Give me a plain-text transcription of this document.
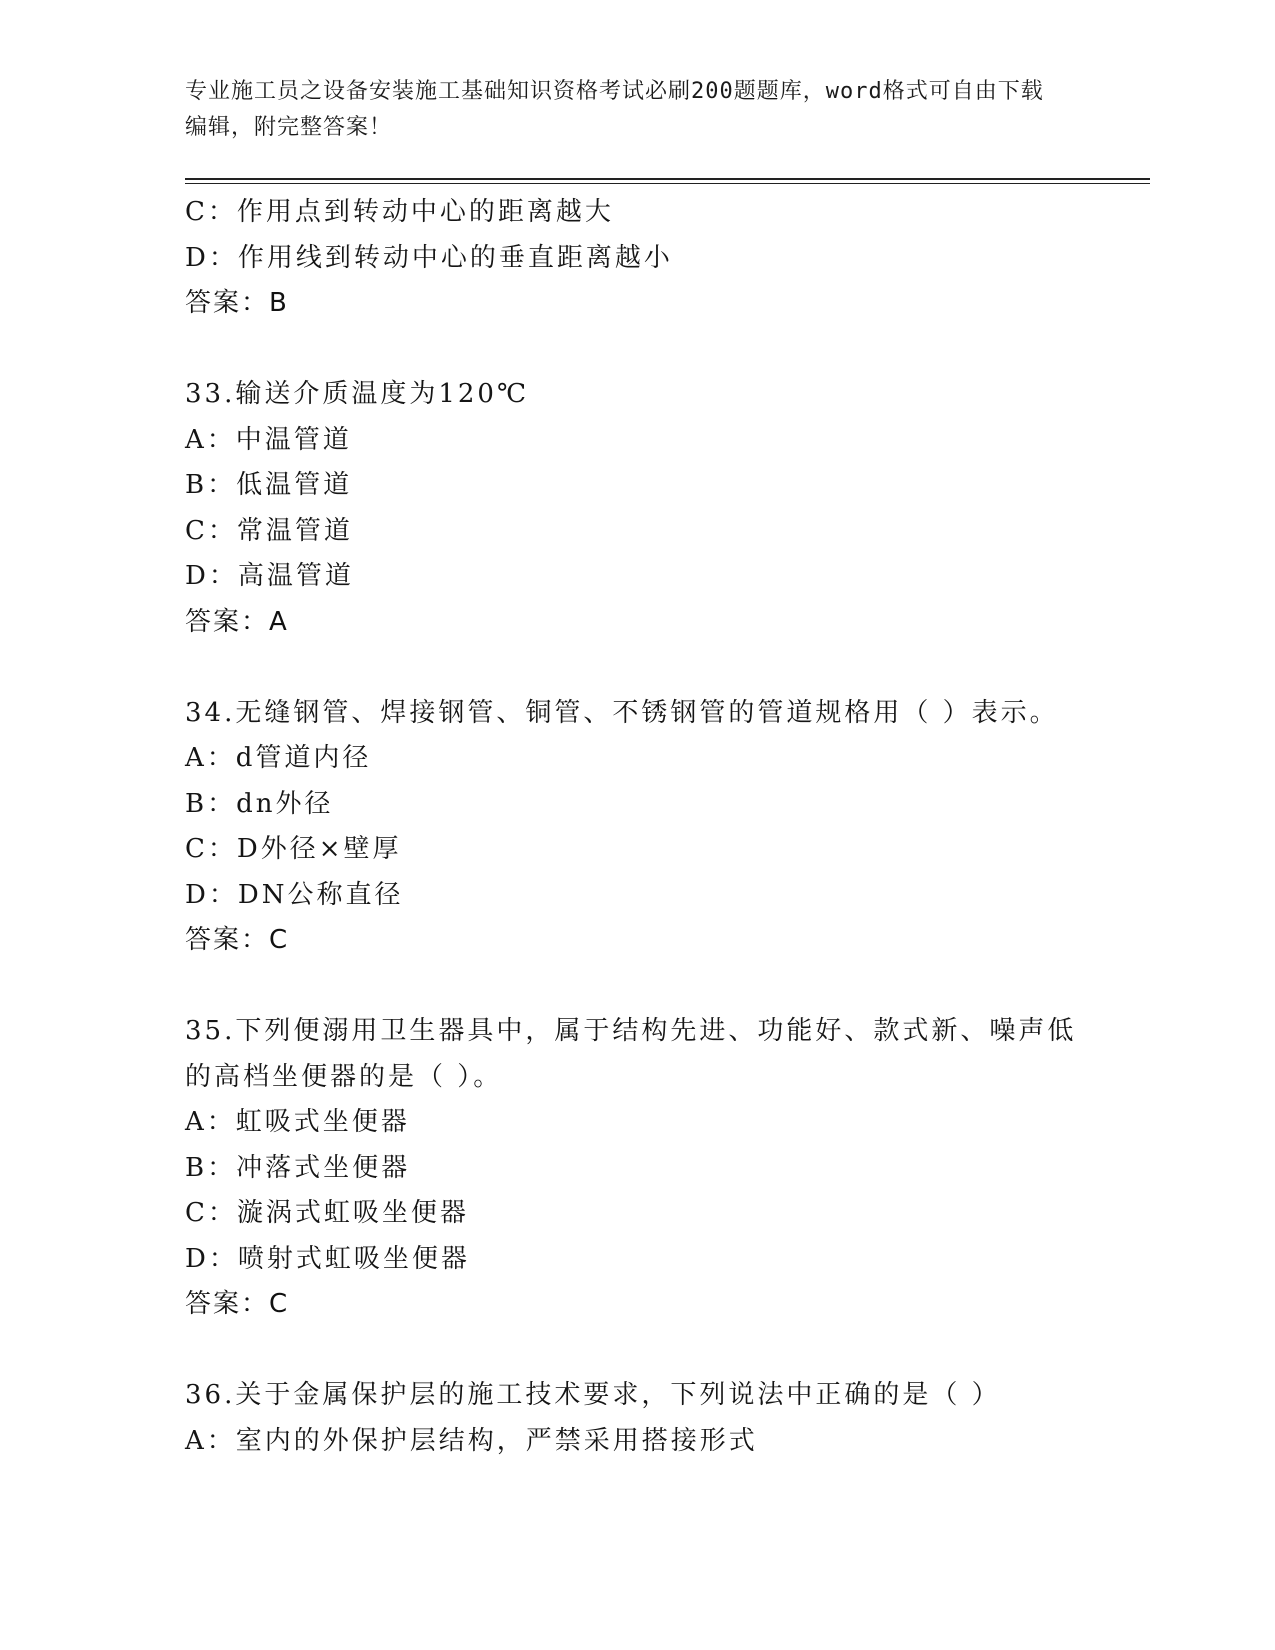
专业施工员之设备安装施工基础知识资格考试必刷200题题库，word格式可自由下载编辑，附完整答案！
C：作用点到转动中心的距离越大
D：作用线到转动中心的垂直距离越小
答案：B
33.输送介质温度为120℃
A：中温管道
B：低温管道
C：常温管道
D：高温管道
答案：A
34.无缝钢管、焊接钢管、铜管、不锈钢管的管道规格用（ ）表示。
A：d管道内径
B：dn外径
C：D外径×壁厚
D：DN公称直径
答案：C
35.下列便溺用卫生器具中，属于结构先进、功能好、款式新、噪声低的高档坐便器的是（ ）。
A：虹吸式坐便器
B：冲落式坐便器
C：漩涡式虹吸坐便器
D：喷射式虹吸坐便器
答案：C
36.关于金属保护层的施工技术要求，下列说法中正确的是（ ）
A：室内的外保护层结构，严禁采用搭接形式
